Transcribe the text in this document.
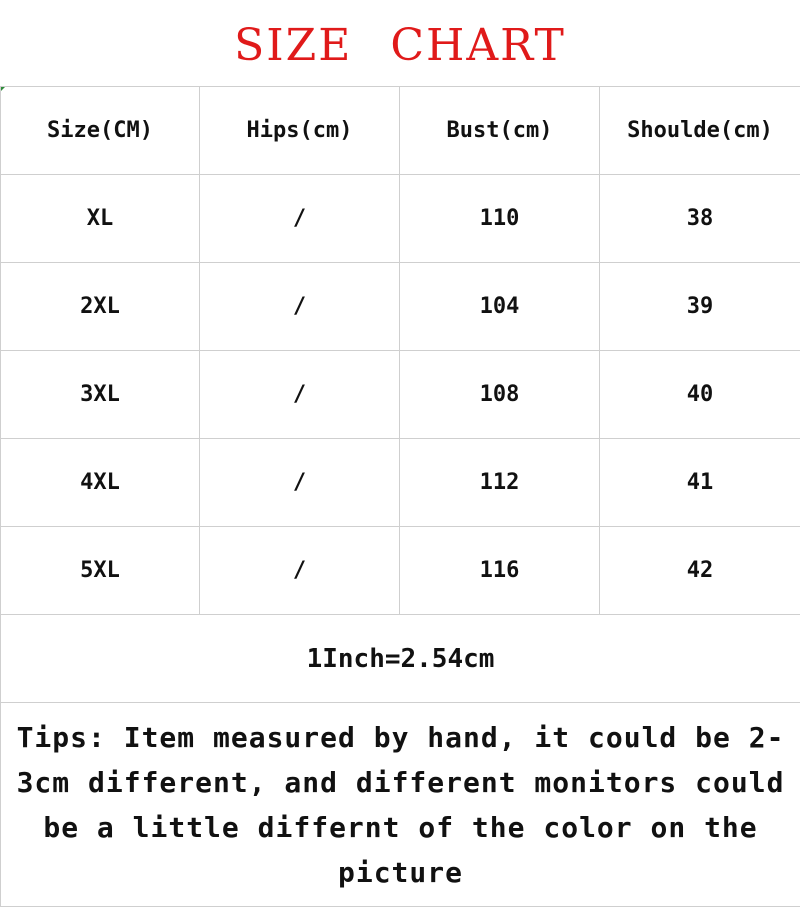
SIZE CHART
Size(CM)	Hips(cm)	Bust(cm)	Shoulde(cm)
XL	/	110	38
2XL	/	104	39
3XL	/	108	40
4XL	/	112	41
5XL	/	116	42
1Inch=2.54cm			
Tips: Item measured by hand, it could be 2-3cm different, and different monitors could be a little differnt of the color on the picture			
